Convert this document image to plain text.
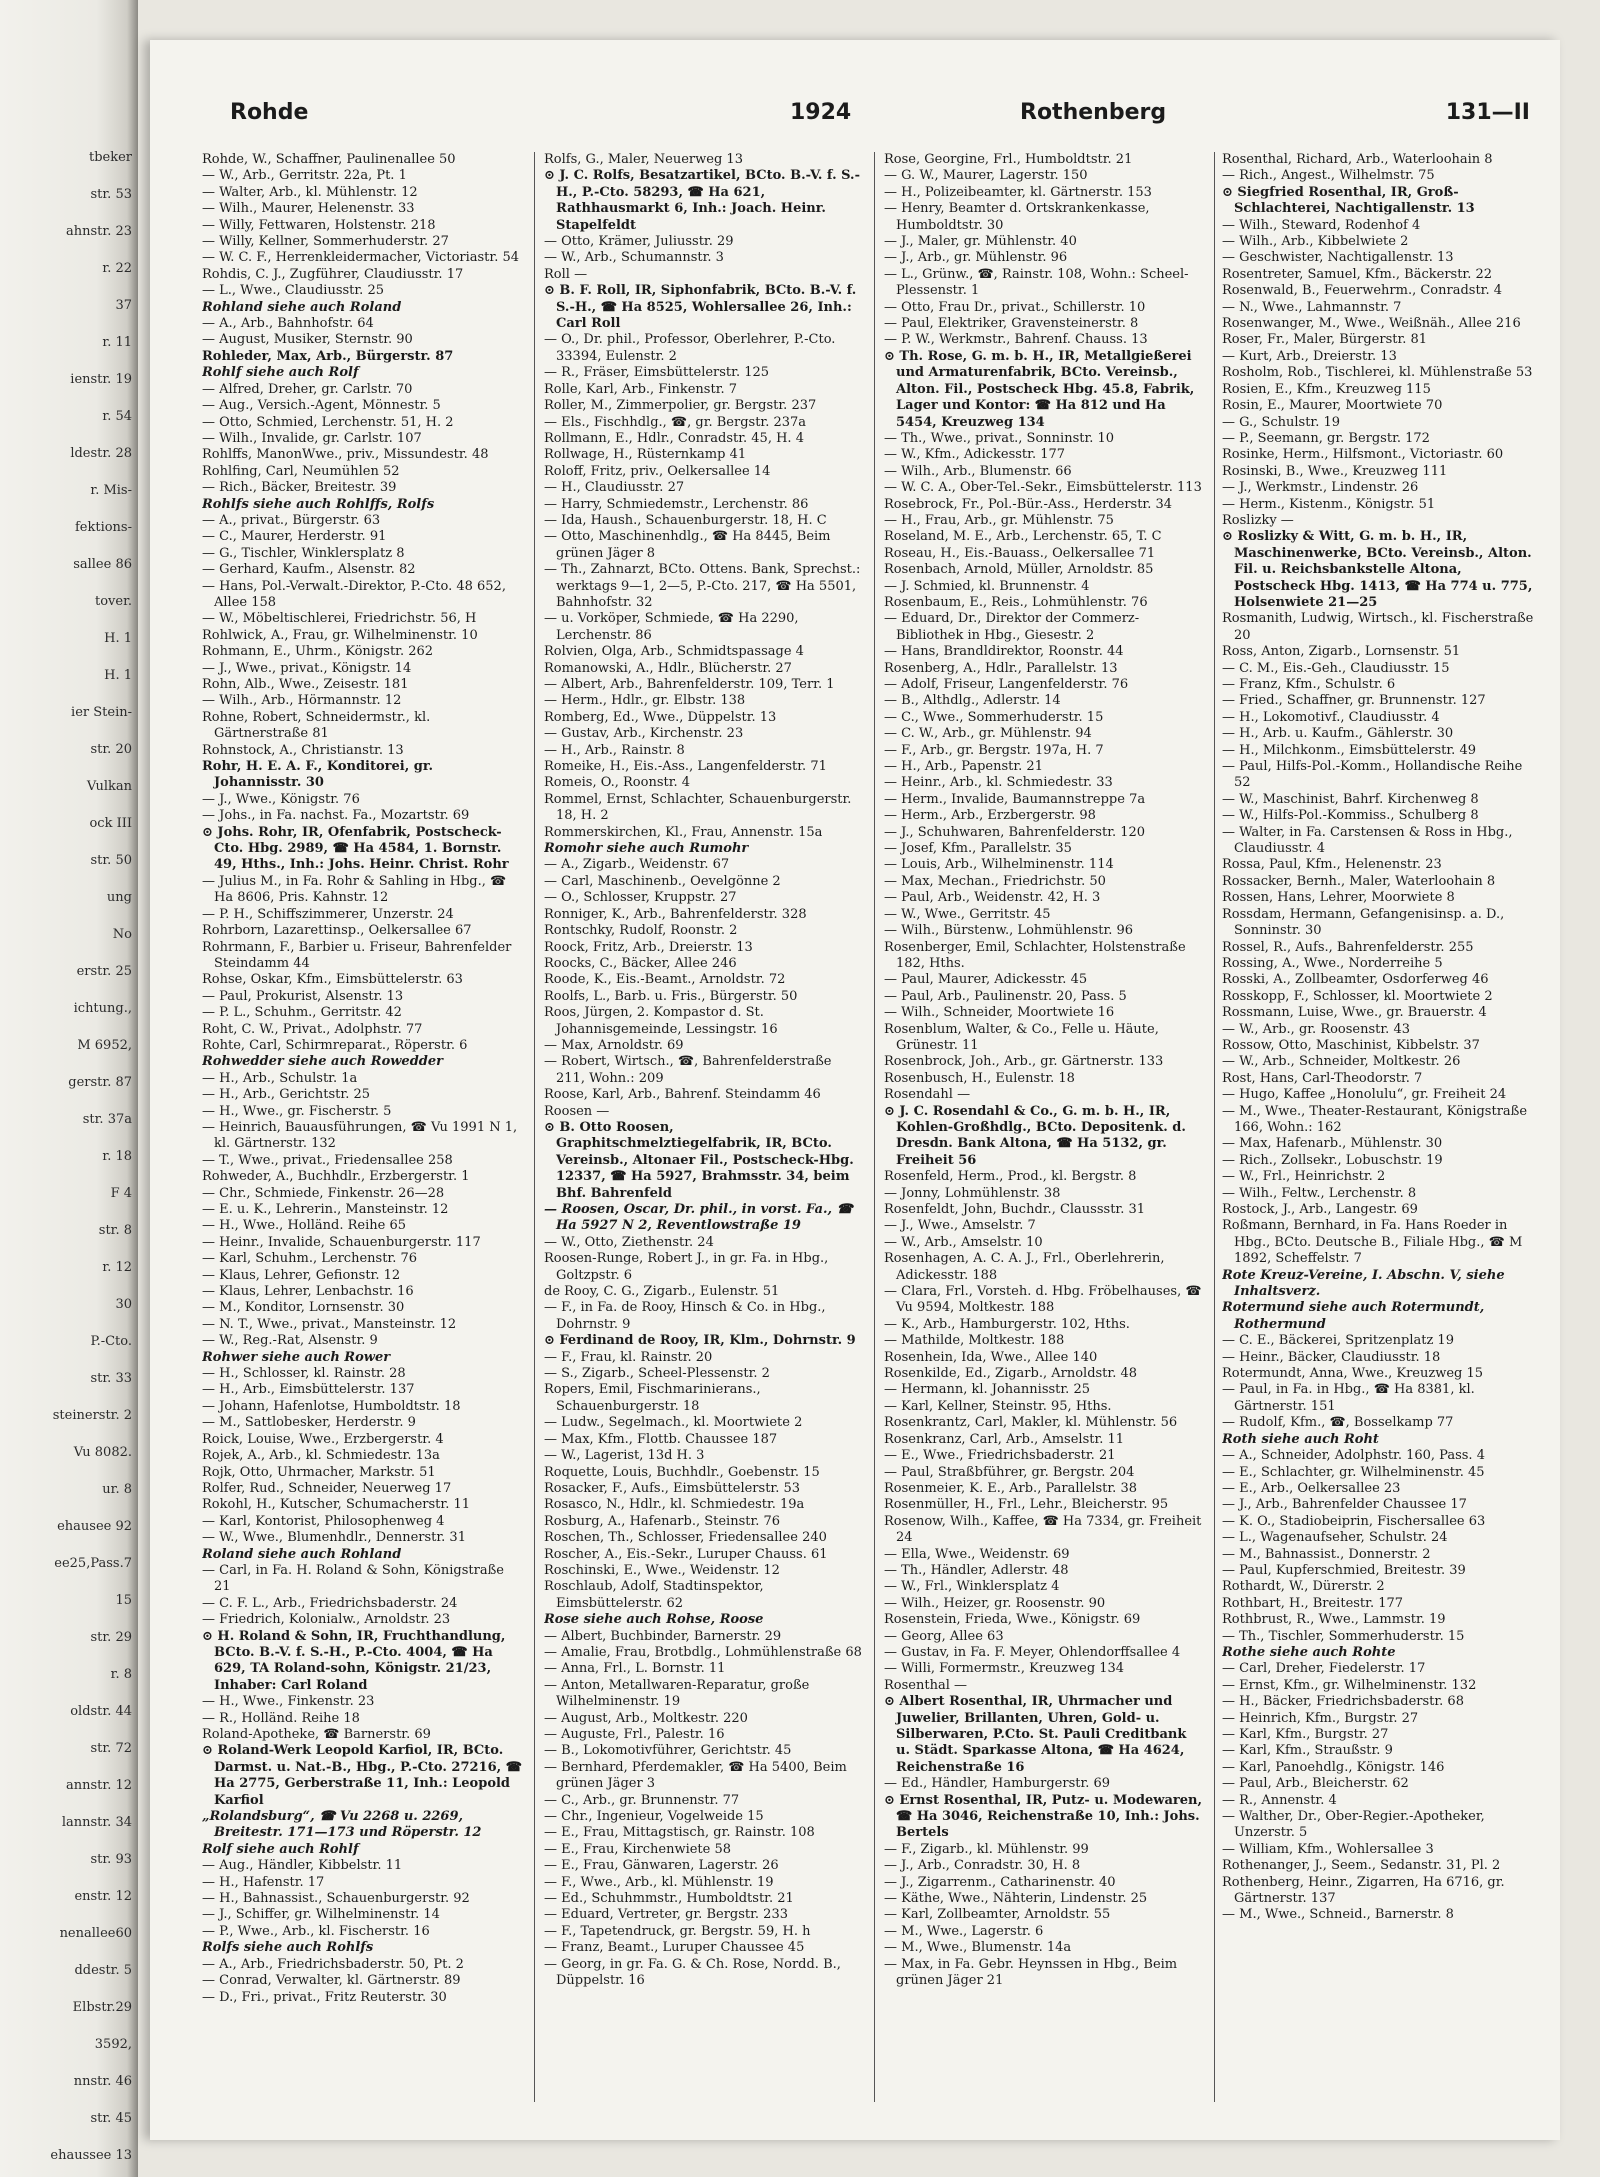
tbeker
str. 53
ahnstr. 23
r. 22
37
r. 11
ienstr. 19
r. 54
ldestr. 28
r. Mis-
fektions-
sallee 86
tover.
H. 1
H. 1
ier Stein-
str. 20
Vulkan
ock III
str. 50
ung
No
erstr. 25
ichtung.,
M 6952,
gerstr. 87
str. 37a
r. 18
F 4
str. 8
r. 12
30
P.-Cto.
str. 33
steinerstr. 2
Vu 8082.
ur. 8
ehausee 92
ee25,Pass.7
15
str. 29
r. 8
oldstr. 44
str. 72
annstr. 12
lannstr. 34
str. 93
enstr. 12
nenallee60
ddestr. 5
Elbstr.29
3592,
nnstr. 46
str. 45
ehaussee 13
Rohde	1924	Rothenberg	131—II
Rohde, W., Schaffner, Paulinenallee 50
— W., Arb., Gerritstr. 22a, Pt. 1
— Walter, Arb., kl. Mühlenstr. 12
— Wilh., Maurer, Helenenstr. 33
— Willy, Fettwaren, Holstenstr. 218
— Willy, Kellner, Sommerhuderstr. 27
— W. C. F., Herrenkleidermacher, Victoriastr. 54
Rohdis, C. J., Zugführer, Claudiusstr. 17
— L., Wwe., Claudiusstr. 25
Rohland siehe auch Roland
— A., Arb., Bahnhofstr. 64
— August, Musiker, Sternstr. 90
Rohleder, Max, Arb., Bürgerstr. 87
Rohlf siehe auch Rolf
— Alfred, Dreher, gr. Carlstr. 70
— Aug., Versich.-Agent, Mönnestr. 5
— Otto, Schmied, Lerchenstr. 51, H. 2
— Wilh., Invalide, gr. Carlstr. 107
Rohlffs, ManonWwe., priv., Missundestr. 48
Rohlfing, Carl, Neumühlen 52
— Rich., Bäcker, Breitestr. 39
Rohlfs siehe auch Rohlffs, Rolfs
— A., privat., Bürgerstr. 63
— C., Maurer, Herderstr. 91
— G., Tischler, Winklersplatz 8
— Gerhard, Kaufm., Alsenstr. 82
— Hans, Pol.-Verwalt.-Direktor, P.-Cto. 48 652, Allee 158
— W., Möbeltischlerei, Friedrichstr. 56, H
Rohlwick, A., Frau, gr. Wilhelminenstr. 10
Rohmann, E., Uhrm., Königstr. 262
— J., Wwe., privat., Königstr. 14
Rohn, Alb., Wwe., Zeisestr. 181
— Wilh., Arb., Hörmannstr. 12
Rohne, Robert, Schneidermstr., kl. Gärtnerstraße 81
Rohnstock, A., Christianstr. 13
Rohr, H. E. A. F., Konditorei, gr. Johannisstr. 30
— J., Wwe., Königstr. 76
— Johs., in Fa. nachst. Fa., Mozartstr. 69
⊙ Johs. Rohr, IR, Ofenfabrik, Postscheck-Cto. Hbg. 2989, ☎ Ha 4584, 1. Bornstr. 49, Hths., Inh.: Johs. Heinr. Christ. Rohr
— Julius M., in Fa. Rohr & Sahling in Hbg., ☎ Ha 8606, Pris. Kahnstr. 12
— P. H., Schiffszimmerer, Unzerstr. 24
Rohrborn, Lazarettinsp., Oelkersallee 67
Rohrmann, F., Barbier u. Friseur, Bahrenfelder Steindamm 44
Rohse, Oskar, Kfm., Eimsbüttelerstr. 63
— Paul, Prokurist, Alsenstr. 13
— P. L., Schuhm., Gerritstr. 42
Roht, C. W., Privat., Adolphstr. 77
Rohte, Carl, Schirmreparat., Röperstr. 6
Rohwedder siehe auch Rowedder
— H., Arb., Schulstr. 1a
— H., Arb., Gerichtstr. 25
— H., Wwe., gr. Fischerstr. 5
— Heinrich, Bauausführungen, ☎ Vu 1991 N 1, kl. Gärtnerstr. 132
— T., Wwe., privat., Friedensallee 258
Rohweder, A., Buchhdlr., Erzbergerstr. 1
— Chr., Schmiede, Finkenstr. 26—28
— E. u. K., Lehrerin., Mansteinstr. 12
— H., Wwe., Holländ. Reihe 65
— Heinr., Invalide, Schauenburgerstr. 117
— Karl, Schuhm., Lerchenstr. 76
— Klaus, Lehrer, Gefionstr. 12
— Klaus, Lehrer, Lenbachstr. 16
— M., Konditor, Lornsenstr. 30
— N. T., Wwe., privat., Mansteinstr. 12
— W., Reg.-Rat, Alsenstr. 9
Rohwer siehe auch Rower
— H., Schlosser, kl. Rainstr. 28
— H., Arb., Eimsbüttelerstr. 137
— Johann, Hafenlotse, Humboldtstr. 18
— M., Sattlobesker, Herderstr. 9
Roick, Louise, Wwe., Erzbergerstr. 4
Rojek, A., Arb., kl. Schmiedestr. 13a
Rojk, Otto, Uhrmacher, Markstr. 51
Rolfer, Rud., Schneider, Neuerweg 17
Rokohl, H., Kutscher, Schumacherstr. 11
— Karl, Kontorist, Philosophenweg 4
— W., Wwe., Blumenhdlr., Dennerstr. 31
Roland siehe auch Rohland
— Carl, in Fa. H. Roland & Sohn, Königstraße 21
— C. F. L., Arb., Friedrichsbaderstr. 24
— Friedrich, Kolonialw., Arnoldstr. 23
⊙ H. Roland & Sohn, IR, Fruchthandlung, BCto. B.-V. f. S.-H., P.-Cto. 4004, ☎ Ha 629, TA Roland-sohn, Königstr. 21/23, Inhaber: Carl Roland
— H., Wwe., Finkenstr. 23
— R., Holländ. Reihe 18
Roland-Apotheke, ☎ Barnerstr. 69
⊙ Roland-Werk Leopold Karfiol, IR, BCto. Darmst. u. Nat.-B., Hbg., P.-Cto. 27216, ☎ Ha 2775, Gerberstraße 11, Inh.: Leopold Karfiol
„Rolandsburg“, ☎ Vu 2268 u. 2269, Breitestr. 171—173 und Röperstr. 12
Rolf siehe auch Rohlf
— Aug., Händler, Kibbelstr. 11
— H., Hafenstr. 17
— H., Bahnassist., Schauenburgerstr. 92
— J., Schiffer, gr. Wilhelminenstr. 14
— P., Wwe., Arb., kl. Fischerstr. 16
Rolfs siehe auch Rohlfs
— A., Arb., Friedrichsbaderstr. 50, Pt. 2
— Conrad, Verwalter, kl. Gärtnerstr. 89
— D., Fri., privat., Fritz Reuterstr. 30
Rolfs, G., Maler, Neuerweg 13
⊙ J. C. Rolfs, Besatzartikel, BCto. B.-V. f. S.-H., P.-Cto. 58293, ☎ Ha 621, Rathhausmarkt 6, Inh.: Joach. Heinr. Stapelfeldt
— Otto, Krämer, Juliusstr. 29
— W., Arb., Schumannstr. 3
Roll —
⊙ B. F. Roll, IR, Siphonfabrik, BCto. B.-V. f. S.-H., ☎ Ha 8525, Wohlersallee 26, Inh.: Carl Roll
— O., Dr. phil., Professor, Oberlehrer, P.-Cto. 33394, Eulenstr. 2
— R., Fräser, Eimsbüttelerstr. 125
Rolle, Karl, Arb., Finkenstr. 7
Roller, M., Zimmerpolier, gr. Bergstr. 237
— Els., Fischhdlg., ☎, gr. Bergstr. 237a
Rollmann, E., Hdlr., Conradstr. 45, H. 4
Rollwage, H., Rüsternkamp 41
Roloff, Fritz, priv., Oelkersallee 14
— H., Claudiusstr. 27
— Harry, Schmiedemstr., Lerchenstr. 86
— Ida, Haush., Schauenburgerstr. 18, H. C
— Otto, Maschinenhdlg., ☎ Ha 8445, Beim grünen Jäger 8
— Th., Zahnarzt, BCto. Ottens. Bank, Sprechst.: werktags 9—1, 2—5, P.-Cto. 217, ☎ Ha 5501, Bahnhofstr. 32
— u. Vorköper, Schmiede, ☎ Ha 2290, Lerchenstr. 86
Rolvien, Olga, Arb., Schmidtspassage 4
Romanowski, A., Hdlr., Blücherstr. 27
— Albert, Arb., Bahrenfelderstr. 109, Terr. 1
— Herm., Hdlr., gr. Elbstr. 138
Romberg, Ed., Wwe., Düppelstr. 13
— Gustav, Arb., Kirchenstr. 23
— H., Arb., Rainstr. 8
Romeike, H., Eis.-Ass., Langenfelderstr. 71
Romeis, O., Roonstr. 4
Rommel, Ernst, Schlachter, Schauenburgerstr. 18, H. 2
Rommerskirchen, Kl., Frau, Annenstr. 15a
Romohr siehe auch Rumohr
— A., Zigarb., Weidenstr. 67
— Carl, Maschinenb., Oevelgönne 2
— O., Schlosser, Kruppstr. 27
Ronniger, K., Arb., Bahrenfelderstr. 328
Rontschky, Rudolf, Roonstr. 2
Roock, Fritz, Arb., Dreierstr. 13
Roocks, C., Bäcker, Allee 246
Roode, K., Eis.-Beamt., Arnoldstr. 72
Roolfs, L., Barb. u. Fris., Bürgerstr. 50
Roos, Jürgen, 2. Kompastor d. St. Johannisgemeinde, Lessingstr. 16
— Max, Arnoldstr. 69
— Robert, Wirtsch., ☎, Bahrenfelderstraße 211, Wohn.: 209
Roose, Karl, Arb., Bahrenf. Steindamm 46
Roosen —
⊙ B. Otto Roosen, Graphitschmelztiegelfabrik, IR, BCto. Vereinsb., Altonaer Fil., Postscheck-Hbg. 12337, ☎ Ha 5927, Brahmsstr. 34, beim Bhf. Bahrenfeld
— Roosen, Oscar, Dr. phil., in vorst. Fa., ☎ Ha 5927 N 2, Reventlowstraße 19
— W., Otto, Ziethenstr. 24
Roosen-Runge, Robert J., in gr. Fa. in Hbg., Goltzpstr. 6
de Rooy, C. G., Zigarb., Eulenstr. 51
— F., in Fa. de Rooy, Hinsch & Co. in Hbg., Dohrnstr. 9
⊙ Ferdinand de Rooy, IR, Klm., Dohrnstr. 9
— F., Frau, kl. Rainstr. 20
— S., Zigarb., Scheel-Plessenstr. 2
Ropers, Emil, Fischmarinierans., Schauenburgerstr. 18
— Ludw., Segelmach., kl. Moortwiete 2
— Max, Kfm., Flottb. Chaussee 187
— W., Lagerist, 13d H. 3
Roquette, Louis, Buchhdlr., Goebenstr. 15
Rosacker, F., Aufs., Eimsbüttelerstr. 53
Rosasco, N., Hdlr., kl. Schmiedestr. 19a
Rosburg, A., Hafenarb., Steinstr. 76
Roschen, Th., Schlosser, Friedensallee 240
Roscher, A., Eis.-Sekr., Luruper Chauss. 61
Roschinski, E., Wwe., Weidenstr. 12
Roschlaub, Adolf, Stadtinspektor, Eimsbüttelerstr. 62
Rose siehe auch Rohse, Roose
— Albert, Buchbinder, Barnerstr. 29
— Amalie, Frau, Brotbdlg., Lohmühlenstraße 68
— Anna, Frl., L. Bornstr. 11
— Anton, Metallwaren-Reparatur, große Wilhelminenstr. 19
— August, Arb., Moltkestr. 220
— Auguste, Frl., Palestr. 16
— B., Lokomotivführer, Gerichtstr. 45
— Bernhard, Pferdemakler, ☎ Ha 5400, Beim grünen Jäger 3
— C., Arb., gr. Brunnenstr. 77
— Chr., Ingenieur, Vogelweide 15
— E., Frau, Mittagstisch, gr. Rainstr. 108
— E., Frau, Kirchenwiete 58
— E., Frau, Gänwaren, Lagerstr. 26
— F., Wwe., Arb., kl. Mühlenstr. 19
— Ed., Schuhmmstr., Humboldtstr. 21
— Eduard, Vertreter, gr. Bergstr. 233
— F., Tapetendruck, gr. Bergstr. 59, H. h
— Franz, Beamt., Luruper Chaussee 45
— Georg, in gr. Fa. G. & Ch. Rose, Nordd. B., Düppelstr. 16
Rose, Georgine, Frl., Humboldtstr. 21
— G. W., Maurer, Lagerstr. 150
— H., Polizeibeamter, kl. Gärtnerstr. 153
— Henry, Beamter d. Ortskrankenkasse, Humboldtstr. 30
— J., Maler, gr. Mühlenstr. 40
— J., Arb., gr. Mühlenstr. 96
— L., Grünw., ☎, Rainstr. 108, Wohn.: Scheel-Plessenstr. 1
— Otto, Frau Dr., privat., Schillerstr. 10
— Paul, Elektriker, Gravensteinerstr. 8
— P. W., Werkmstr., Bahrenf. Chauss. 13
⊙ Th. Rose, G. m. b. H., IR, Metallgießerei und Armaturenfabrik, BCto. Vereinsb., Alton. Fil., Postscheck Hbg. 45.8, Fabrik, Lager und Kontor: ☎ Ha 812 und Ha 5454, Kreuzweg 134
— Th., Wwe., privat., Sonninstr. 10
— W., Kfm., Adickesstr. 177
— Wilh., Arb., Blumenstr. 66
— W. C. A., Ober-Tel.-Sekr., Eimsbüttelerstr. 113
Rosebrock, Fr., Pol.-Bür.-Ass., Herderstr. 34
— H., Frau, Arb., gr. Mühlenstr. 75
Roseland, M. E., Arb., Lerchenstr. 65, T. C
Roseau, H., Eis.-Bauass., Oelkersallee 71
Rosenbach, Arnold, Müller, Arnoldstr. 85
— J. Schmied, kl. Brunnenstr. 4
Rosenbaum, E., Reis., Lohmühlenstr. 76
— Eduard, Dr., Direktor der Commerz-Bibliothek in Hbg., Giesestr. 2
— Hans, Brandldirektor, Roonstr. 44
Rosenberg, A., Hdlr., Parallelstr. 13
— Adolf, Friseur, Langenfelderstr. 76
— B., Althdlg., Adlerstr. 14
— C., Wwe., Sommerhuderstr. 15
— C. W., Arb., gr. Mühlenstr. 94
— F., Arb., gr. Bergstr. 197a, H. 7
— H., Arb., Papenstr. 21
— Heinr., Arb., kl. Schmiedestr. 33
— Herm., Invalide, Baumannstreppe 7a
— Herm., Arb., Erzbergerstr. 98
— J., Schuhwaren, Bahrenfelderstr. 120
— Josef, Kfm., Parallelstr. 35
— Louis, Arb., Wilhelminenstr. 114
— Max, Mechan., Friedrichstr. 50
— Paul, Arb., Weidenstr. 42, H. 3
— W., Wwe., Gerritstr. 45
— Wilh., Bürstenw., Lohmühlenstr. 96
Rosenberger, Emil, Schlachter, Holstenstraße 182, Hths.
— Paul, Maurer, Adickesstr. 45
— Paul, Arb., Paulinenstr. 20, Pass. 5
— Wilh., Schneider, Moortwiete 16
Rosenblum, Walter, & Co., Felle u. Häute, Grünestr. 11
Rosenbrock, Joh., Arb., gr. Gärtnerstr. 133
Rosenbusch, H., Eulenstr. 18
Rosendahl —
⊙ J. C. Rosendahl & Co., G. m. b. H., IR, Kohlen-Großhdlg., BCto. Depositenk. d. Dresdn. Bank Altona, ☎ Ha 5132, gr. Freiheit 56
Rosenfeld, Herm., Prod., kl. Bergstr. 8
— Jonny, Lohmühlenstr. 38
Rosenfeldt, John, Buchdr., Claussstr. 31
— J., Wwe., Amselstr. 7
— W., Arb., Amselstr. 10
Rosenhagen, A. C. A. J., Frl., Oberlehrerin, Adickesstr. 188
— Clara, Frl., Vorsteh. d. Hbg. Fröbelhauses, ☎ Vu 9594, Moltkestr. 188
— K., Arb., Hamburgerstr. 102, Hths.
— Mathilde, Moltkestr. 188
Rosenhein, Ida, Wwe., Allee 140
Rosenkilde, Ed., Zigarb., Arnoldstr. 48
— Hermann, kl. Johannisstr. 25
— Karl, Kellner, Steinstr. 95, Hths.
Rosenkrantz, Carl, Makler, kl. Mühlenstr. 56
Rosenkranz, Carl, Arb., Amselstr. 11
— E., Wwe., Friedrichsbaderstr. 21
— Paul, Straßbführer, gr. Bergstr. 204
Rosenmeier, K. E., Arb., Parallelstr. 38
Rosenmüller, H., Frl., Lehr., Bleicherstr. 95
Rosenow, Wilh., Kaffee, ☎ Ha 7334, gr. Freiheit 24
— Ella, Wwe., Weidenstr. 69
— Th., Händler, Adlerstr. 48
— W., Frl., Winklersplatz 4
— Wilh., Heizer, gr. Roosenstr. 90
Rosenstein, Frieda, Wwe., Königstr. 69
— Georg, Allee 63
— Gustav, in Fa. F. Meyer, Ohlendorffsallee 4
— Willi, Formermstr., Kreuzweg 134
Rosenthal —
⊙ Albert Rosenthal, IR, Uhrmacher und Juwelier, Brillanten, Uhren, Gold- u. Silberwaren, P.Cto. St. Pauli Creditbank u. Städt. Sparkasse Altona, ☎ Ha 4624, Reichenstraße 16
— Ed., Händler, Hamburgerstr. 69
⊙ Ernst Rosenthal, IR, Putz- u. Modewaren, ☎ Ha 3046, Reichenstraße 10, Inh.: Johs. Bertels
— F., Zigarb., kl. Mühlenstr. 99
— J., Arb., Conradstr. 30, H. 8
— J., Zigarrenm., Catharinenstr. 40
— Käthe, Wwe., Nähterin, Lindenstr. 25
— Karl, Zollbeamter, Arnoldstr. 55
— M., Wwe., Lagerstr. 6
— M., Wwe., Blumenstr. 14a
— Max, in Fa. Gebr. Heynssen in Hbg., Beim grünen Jäger 21
Rosenthal, Richard, Arb., Waterloohain 8
— Rich., Angest., Wilhelmstr. 75
⊙ Siegfried Rosenthal, IR, Groß-Schlachterei, Nachtigallenstr. 13
— Wilh., Steward, Rodenhof 4
— Wilh., Arb., Kibbelwiete 2
— Geschwister, Nachtigallenstr. 13
Rosentreter, Samuel, Kfm., Bäckerstr. 22
Rosenwald, B., Feuerwehrm., Conradstr. 4
— N., Wwe., Lahmannstr. 7
Rosenwanger, M., Wwe., Weißnäh., Allee 216
Roser, Fr., Maler, Bürgerstr. 81
— Kurt, Arb., Dreierstr. 13
Rosholm, Rob., Tischlerei, kl. Mühlenstraße 53
Rosien, E., Kfm., Kreuzweg 115
Rosin, E., Maurer, Moortwiete 70
— G., Schulstr. 19
— P., Seemann, gr. Bergstr. 172
Rosinke, Herm., Hilfsmont., Victoriastr. 60
Rosinski, B., Wwe., Kreuzweg 111
— J., Werkmstr., Lindenstr. 26
— Herm., Kistenm., Königstr. 51
Roslizky —
⊙ Roslizky & Witt, G. m. b. H., IR, Maschinenwerke, BCto. Vereinsb., Alton. Fil. u. Reichsbankstelle Altona, Postscheck Hbg. 1413, ☎ Ha 774 u. 775, Holsenwiete 21—25
Rosmanith, Ludwig, Wirtsch., kl. Fischerstraße 20
Ross, Anton, Zigarb., Lornsenstr. 51
— C. M., Eis.-Geh., Claudiusstr. 15
— Franz, Kfm., Schulstr. 6
— Fried., Schaffner, gr. Brunnenstr. 127
— H., Lokomotivf., Claudiusstr. 4
— H., Arb. u. Kaufm., Gählerstr. 30
— H., Milchkonm., Eimsbüttelerstr. 49
— Paul, Hilfs-Pol.-Komm., Hollandische Reihe 52
— W., Maschinist, Bahrf. Kirchenweg 8
— W., Hilfs-Pol.-Kommiss., Schulberg 8
— Walter, in Fa. Carstensen & Ross in Hbg., Claudiusstr. 4
Rossa, Paul, Kfm., Helenenstr. 23
Rossacker, Bernh., Maler, Waterloohain 8
Rossen, Hans, Lehrer, Moorwiete 8
Rossdam, Hermann, Gefangenisinsp. a. D., Sonninstr. 30
Rossel, R., Aufs., Bahrenfelderstr. 255
Rossing, A., Wwe., Norderreihe 5
Rosski, A., Zollbeamter, Osdorferweg 46
Rosskopp, F., Schlosser, kl. Moortwiete 2
Rossmann, Luise, Wwe., gr. Brauerstr. 4
— W., Arb., gr. Roosenstr. 43
Rossow, Otto, Maschinist, Kibbelstr. 37
— W., Arb., Schneider, Moltkestr. 26
Rost, Hans, Carl-Theodorstr. 7
— Hugo, Kaffee „Honolulu“, gr. Freiheit 24
— M., Wwe., Theater-Restaurant, Königstraße 166, Wohn.: 162
— Max, Hafenarb., Mühlenstr. 30
— Rich., Zollsekr., Lobuschstr. 19
— W., Frl., Heinrichstr. 2
— Wilh., Feltw., Lerchenstr. 8
Rostock, J., Arb., Langestr. 69
Roßmann, Bernhard, in Fa. Hans Roeder in Hbg., BCto. Deutsche B., Filiale Hbg., ☎ M 1892, Scheffelstr. 7
Rote Kreuz-Vereine, I. Abschn. V, siehe Inhaltsverz.
Rotermund siehe auch Rotermundt, Rothermund
— C. E., Bäckerei, Spritzenplatz 19
— Heinr., Bäcker, Claudiusstr. 18
Rotermundt, Anna, Wwe., Kreuzweg 15
— Paul, in Fa. in Hbg., ☎ Ha 8381, kl. Gärtnerstr. 151
— Rudolf, Kfm., ☎, Bosselkamp 77
Roth siehe auch Roht
— A., Schneider, Adolphstr. 160, Pass. 4
— E., Schlachter, gr. Wilhelminenstr. 45
— E., Arb., Oelkersallee 23
— J., Arb., Bahrenfelder Chaussee 17
— K. O., Stadiobeiprin, Fischersallee 63
— L., Wagenaufseher, Schulstr. 24
— M., Bahnassist., Donnerstr. 2
— Paul, Kupferschmied, Breitestr. 39
Rothardt, W., Dürerstr. 2
Rothbart, H., Breitestr. 177
Rothbrust, R., Wwe., Lammstr. 19
— Th., Tischler, Sommerhuderstr. 15
Rothe siehe auch Rohte
— Carl, Dreher, Fiedelerstr. 17
— Ernst, Kfm., gr. Wilhelminenstr. 132
— H., Bäcker, Friedrichsbaderstr. 68
— Heinrich, Kfm., Burgstr. 27
— Karl, Kfm., Burgstr. 27
— Karl, Kfm., Straußstr. 9
— Karl, Panoehdlg., Königstr. 146
— Paul, Arb., Bleicherstr. 62
— R., Annenstr. 4
— Walther, Dr., Ober-Regier.-Apotheker, Unzerstr. 5
— William, Kfm., Wohlersallee 3
Rothenanger, J., Seem., Sedanstr. 31, Pl. 2
Rothenberg, Heinr., Zigarren, Ha 6716, gr. Gärtnerstr. 137
— M., Wwe., Schneid., Barnerstr. 8
